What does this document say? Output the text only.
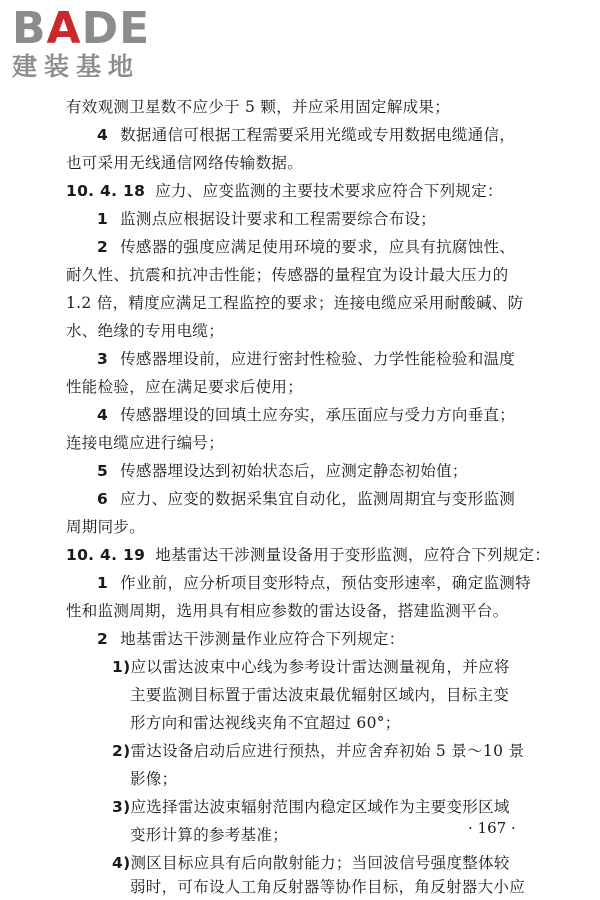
BADE
建装基地
有效观测卫星数不应少于 5 颗，并应采用固定解成果；
4 数据通信可根据工程需要采用光缆或专用数据电缆通信，
也可采用无线通信网络传输数据。
10. 4. 18 应力、应变监测的主要技术要求应符合下列规定：
1 监测点应根据设计要求和工程需要综合布设；
2 传感器的强度应满足使用环境的要求，应具有抗腐蚀性、
耐久性、抗震和抗冲击性能；传感器的量程宜为设计最大压力的
1.2 倍，精度应满足工程监控的要求；连接电缆应采用耐酸碱、防
水、绝缘的专用电缆；
3 传感器埋设前，应进行密封性检验、力学性能检验和温度
性能检验，应在满足要求后使用；
4 传感器埋设的回填土应夯实，承压面应与受力方向垂直；
连接电缆应进行编号；
5 传感器埋设达到初始状态后，应测定静态初始值；
6 应力、应变的数据采集宜自动化，监测周期宜与变形监测
周期同步。
10. 4. 19 地基雷达干涉测量设备用于变形监测，应符合下列规定：
1 作业前，应分析项目变形特点，预估变形速率，确定监测特
性和监测周期，选用具有相应参数的雷达设备，搭建监测平台。
2 地基雷达干涉测量作业应符合下列规定：
1)应以雷达波束中心线为参考设计雷达测量视角，并应将
主要监测目标置于雷达波束最优辐射区域内，目标主变
形方向和雷达视线夹角不宜超过 60°；
2)雷达设备启动后应进行预热，并应舍弃初始 5 景～10 景
影像；
3)应选择雷达波束辐射范围内稳定区域作为主要变形区域
变形计算的参考基准；
4)测区目标应具有后向散射能力；当回波信号强度整体较
弱时，可布设人工角反射器等协作目标，角反射器大小应
· 167 ·
